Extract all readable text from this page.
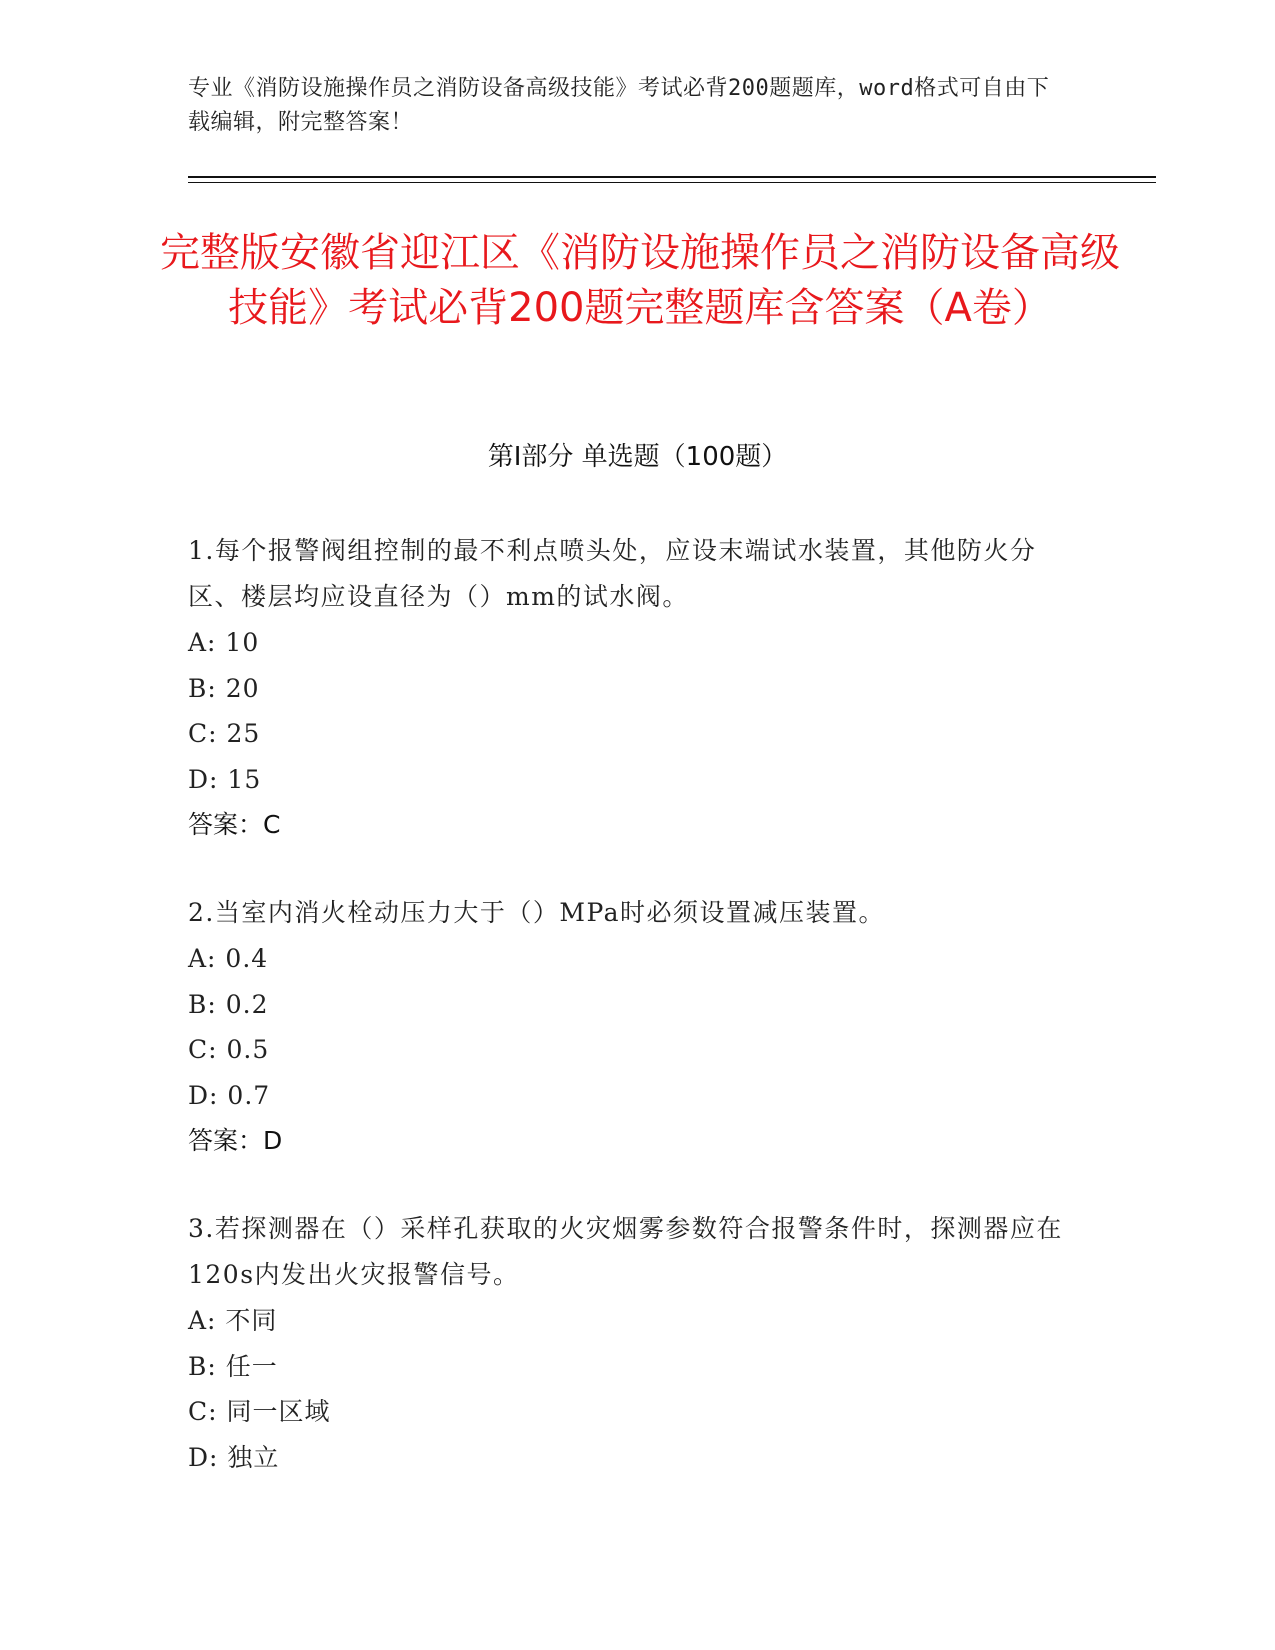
专业《消防设施操作员之消防设备高级技能》考试必背200题题库，word格式可自由下载编辑，附完整答案！
完整版安徽省迎江区《消防设施操作员之消防设备高级技能》考试必背200题完整题库含答案（A卷）
第Ⅰ部分 单选题（100题）
1.每个报警阀组控制的最不利点喷头处，应设末端试水装置，其他防火分区、楼层均应设直径为（）mm的试水阀。
A: 10
B: 20
C: 25
D: 15
答案：C
2.当室内消火栓动压力大于（）MPa时必须设置减压装置。
A: 0.4
B: 0.2
C: 0.5
D: 0.7
答案：D
3.若探测器在（）采样孔获取的火灾烟雾参数符合报警条件时，探测器应在120s内发出火灾报警信号。
A: 不同
B: 任一
C: 同一区域
D: 独立
